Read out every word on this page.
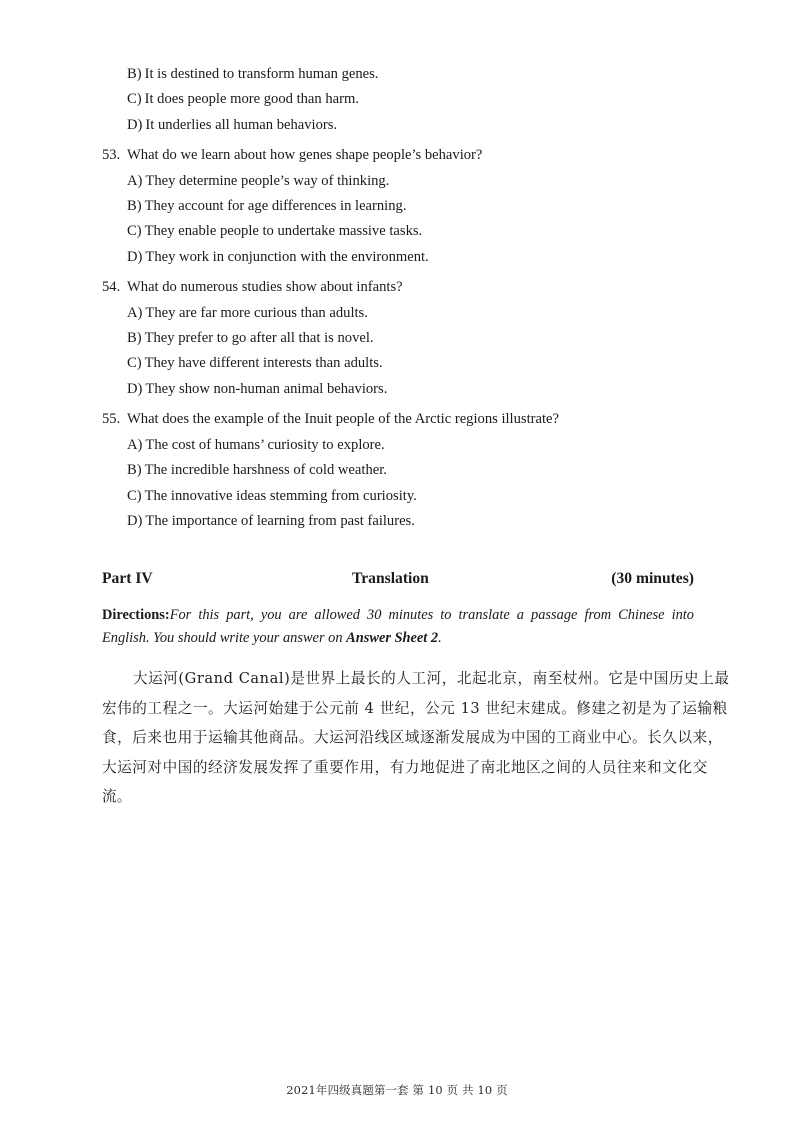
B) It is destined to transform human genes.
C) It does people more good than harm.
D) It underlies all human behaviors.
53. What do we learn about how genes shape people’s behavior?
A) They determine people’s way of thinking.
B) They account for age differences in learning.
C) They enable people to undertake massive tasks.
D) They work in conjunction with the environment.
54. What do numerous studies show about infants?
A) They are far more curious than adults.
B) They prefer to go after all that is novel.
C) They have different interests than adults.
D) They show non-human animal behaviors.
55. What does the example of the Inuit people of the Arctic regions illustrate?
A) The cost of humans’ curiosity to explore.
B) The incredible harshness of cold weather.
C) The innovative ideas stemming from curiosity.
D) The importance of learning from past failures.
Part IV	Translation	(30 minutes)
Directions:For this part, you are allowed 30 minutes to translate a passage from Chinese into English. You should write your answer on Answer Sheet 2.
大运河(Grand Canal)是世界上最长的人工河，北起北京，南至杖州。它是中国历史上最
宏伟的工程之一。大运河始建于公元前 4 世纪，公元 13 世纪末建成。修建之初是为了运输粮
食，后来也用于运输其他商品。大运河沿线区域逐渐发展成为中国的工商业中心。长久以来，
大运河对中国的经济发展发挥了重要作用，有力地促进了南北地区之间的人员往来和文化交
流。
2021年四级真题第一套 第 10 页 共 10 页
